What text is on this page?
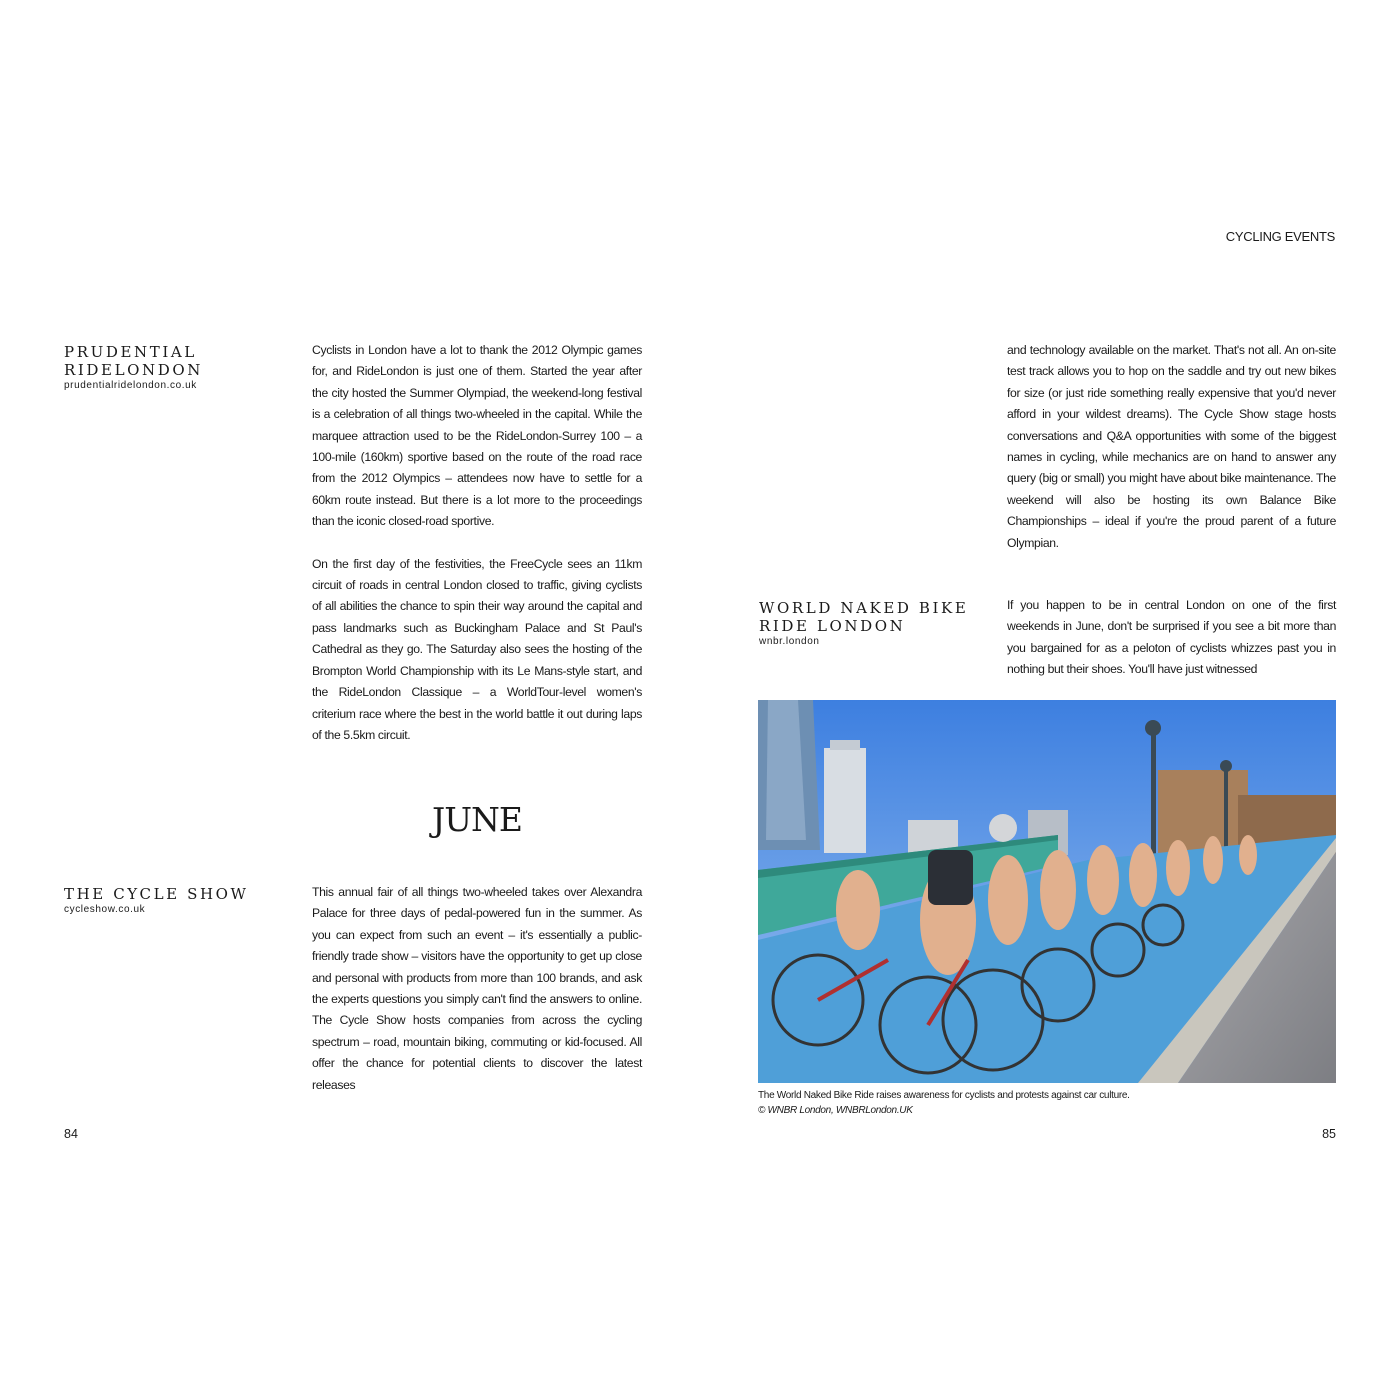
CYCLING EVENTS
PRUDENTIAL RIDELONDON
prudentialridelondon.co.uk

Cyclists in London have a lot to thank the 2012 Olympic games for, and RideLondon is just one of them. Started the year after the city hosted the Summer Olympiad, the weekend-long festival is a celebration of all things two-wheeled in the capital. While the marquee attraction used to be the RideLondon-Surrey 100 – a 100-mile (160km) sportive based on the route of the road race from the 2012 Olympics – attendees now have to settle for a 60km route instead. But there is a lot more to the proceedings than the iconic closed-road sportive.

On the first day of the festivities, the FreeCycle sees an 11km circuit of roads in central London closed to traffic, giving cyclists of all abilities the chance to spin their way around the capital and pass landmarks such as Buckingham Palace and St Paul's Cathedral as they go. The Saturday also sees the hosting of the Brompton World Championship with its Le Mans-style start, and the RideLondon Classique – a WorldTour-level women's criterium race where the best in the world battle it out during laps of the 5.5km circuit.

JUNE
THE CYCLE SHOW
cycleshow.co.uk

This annual fair of all things two-wheeled takes over Alexandra Palace for three days of pedal-powered fun in the summer. As you can expect from such an event – it's essentially a public-friendly trade show – visitors have the opportunity to get up close and personal with products from more than 100 brands, and ask the experts questions you simply can't find the answers to online. The Cycle Show hosts companies from across the cycling spectrum – road, mountain biking, commuting or kid-focused. All offer the chance for potential clients to discover the latest releases

84

and technology available on the market. That's not all. An on-site test track allows you to hop on the saddle and try out new bikes for size (or just ride something really expensive that you'd never afford in your wildest dreams). The Cycle Show stage hosts conversations and Q&A opportunities with some of the biggest names in cycling, while mechanics are on hand to answer any query (big or small) you might have about bike maintenance. The weekend will also be hosting its own Balance Bike Championships – ideal if you're the proud parent of a future Olympian.

WORLD NAKED BIKE
RIDE LONDON
wnbr.london

If you happen to be in central London on one of the first weekends in June, don't be surprised if you see a bit more than you bargained for as a peloton of cyclists whizzes past you in nothing but their shoes. You'll have just witnessed

The World Naked Bike Ride raises awareness for cyclists and protests against car culture.
© WNBR London, WNBRLondon.UK
85
